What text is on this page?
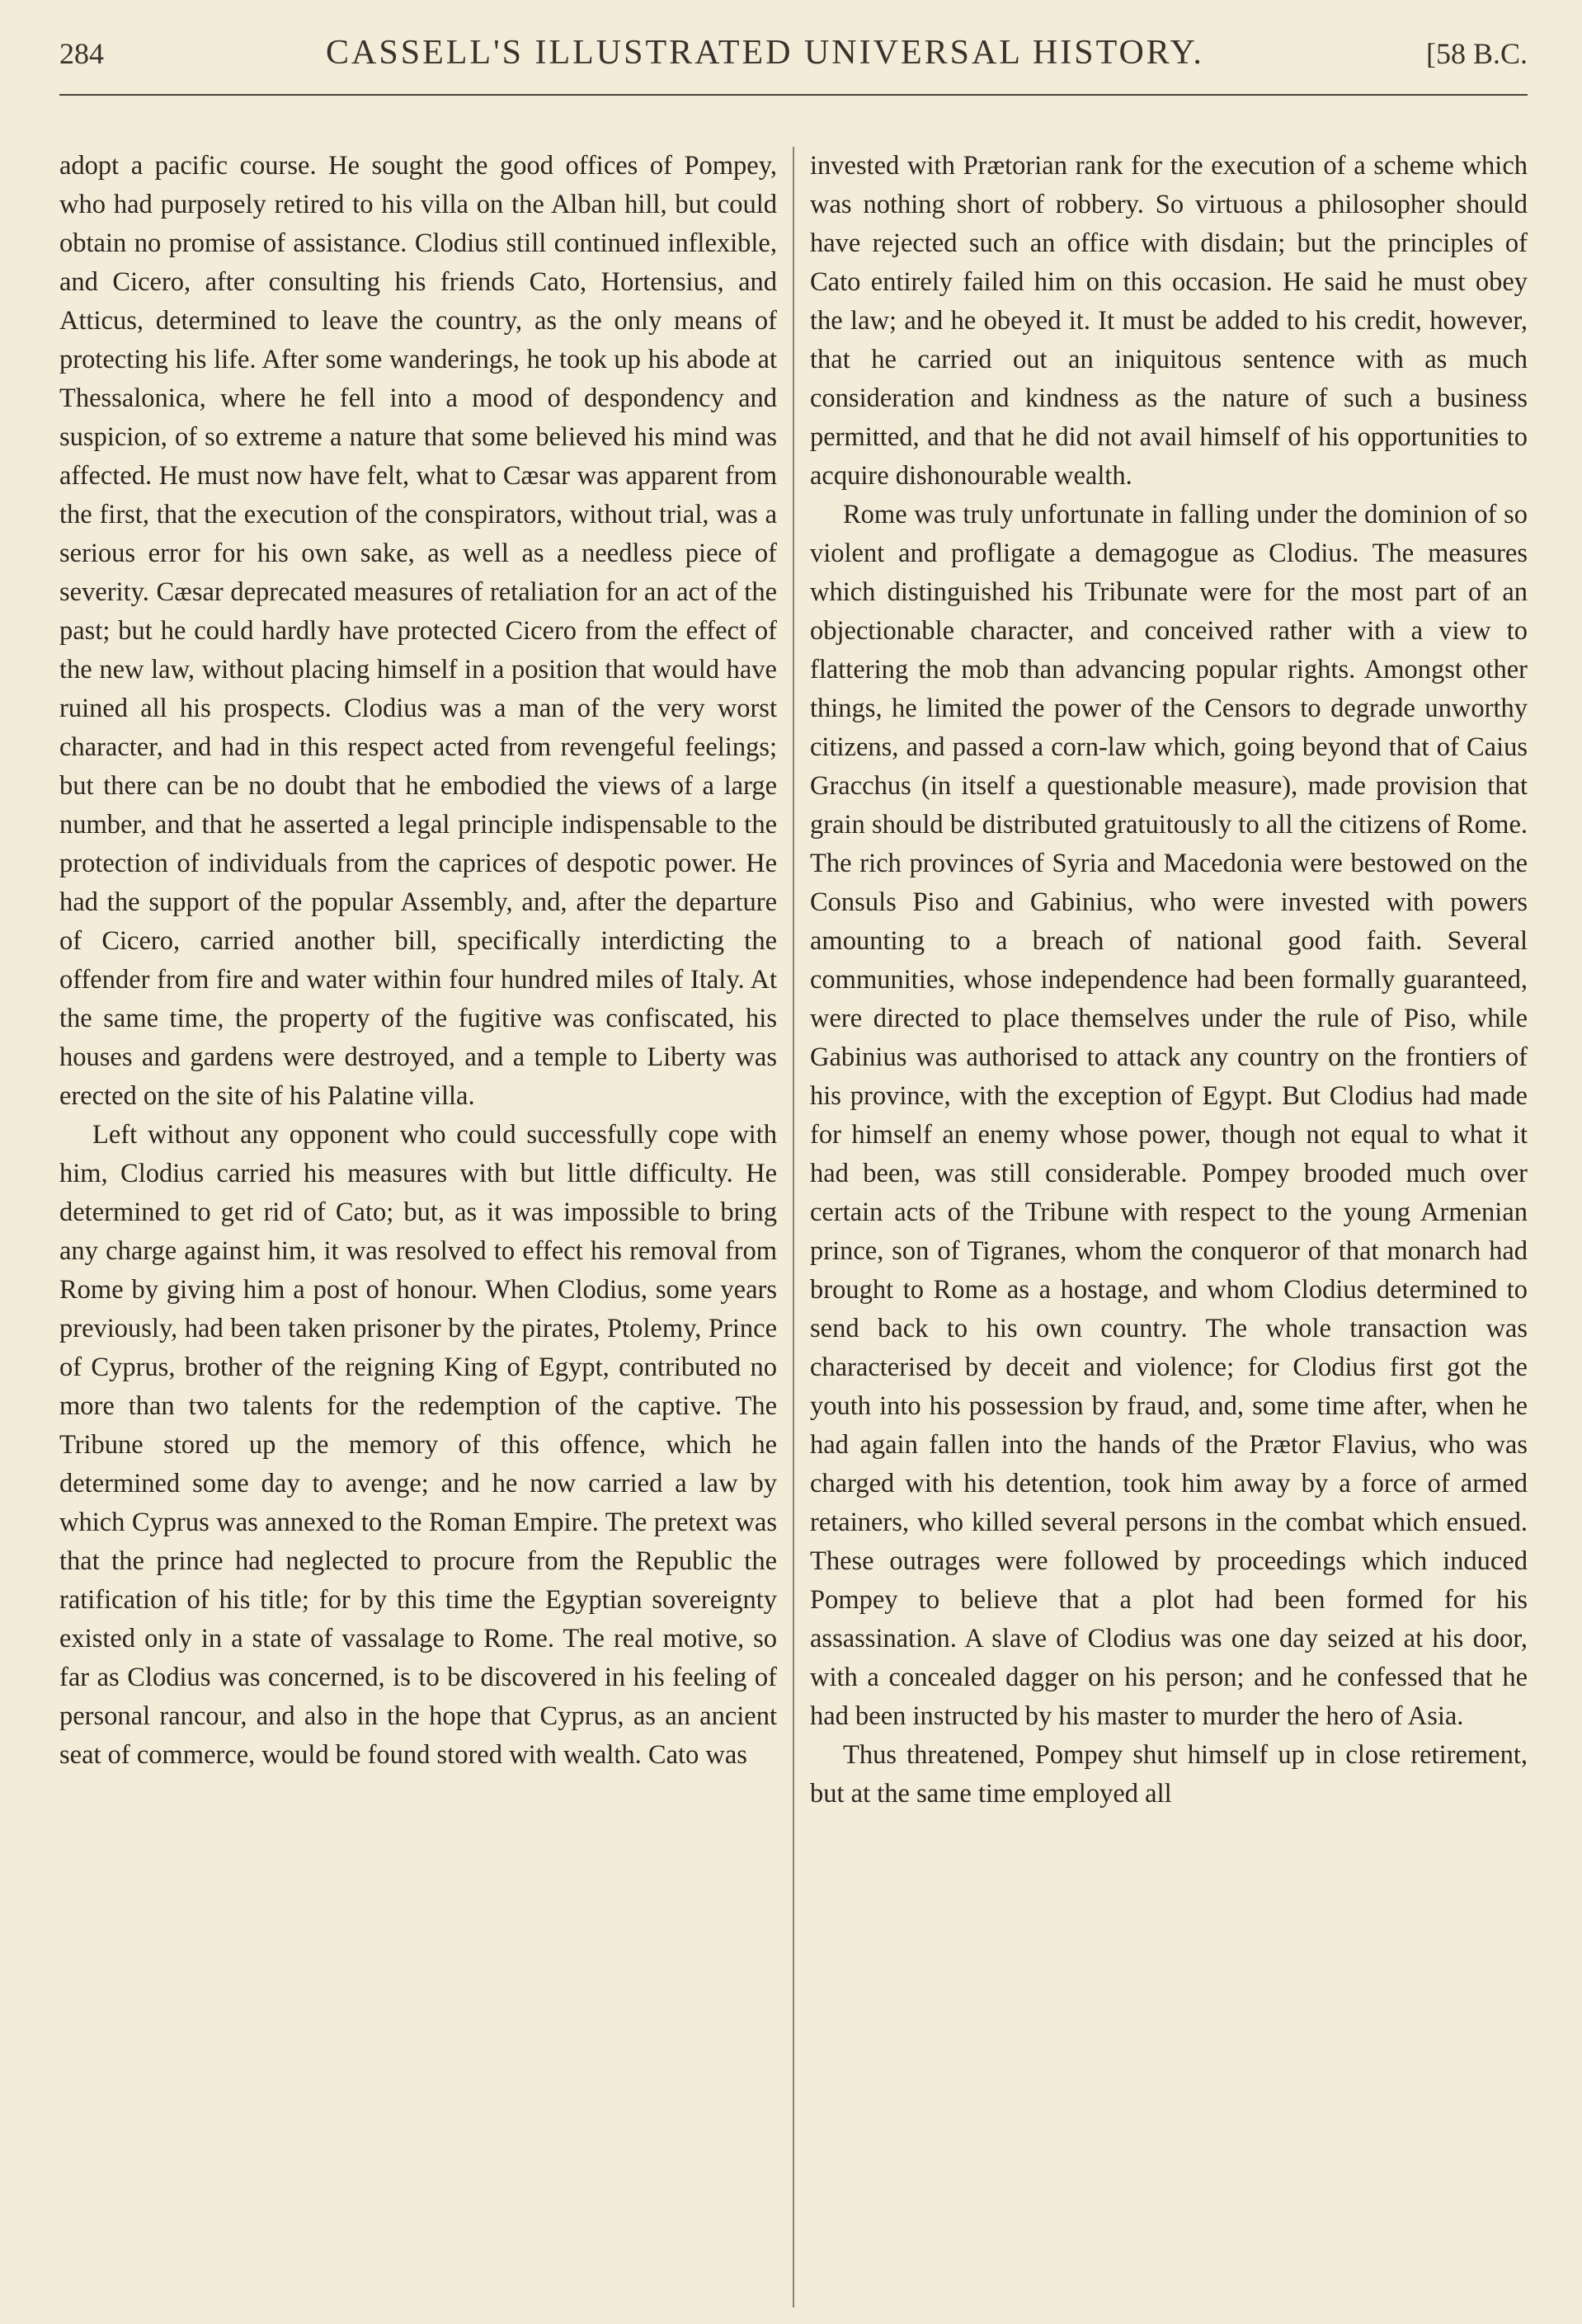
284	CASSELL'S ILLUSTRATED UNIVERSAL HISTORY.	[58 B.C.

adopt a pacific course. He sought the good offices of Pompey, who had purposely retired to his villa on the Alban hill, but could obtain no promise of assistance. Clodius still continued inflexible, and Cicero, after consulting his friends Cato, Hortensius, and Atticus, determined to leave the country, as the only means of protecting his life. After some wanderings, he took up his abode at Thessalonica, where he fell into a mood of despondency and suspicion, of so extreme a nature that some believed his mind was affected. He must now have felt, what to Cæsar was apparent from the first, that the execution of the conspirators, without trial, was a serious error for his own sake, as well as a needless piece of severity. Cæsar deprecated measures of retaliation for an act of the past; but he could hardly have protected Cicero from the effect of the new law, without placing himself in a position that would have ruined all his prospects. Clodius was a man of the very worst character, and had in this respect acted from revengeful feelings; but there can be no doubt that he embodied the views of a large number, and that he asserted a legal principle indispensable to the protection of individuals from the caprices of despotic power. He had the support of the popular Assembly, and, after the departure of Cicero, carried another bill, specifically interdicting the offender from fire and water within four hundred miles of Italy. At the same time, the property of the fugitive was confiscated, his houses and gardens were destroyed, and a temple to Liberty was erected on the site of his Palatine villa.

Left without any opponent who could successfully cope with him, Clodius carried his measures with but little difficulty. He determined to get rid of Cato; but, as it was impossible to bring any charge against him, it was resolved to effect his removal from Rome by giving him a post of honour. When Clodius, some years previously, had been taken prisoner by the pirates, Ptolemy, Prince of Cyprus, brother of the reigning King of Egypt, contributed no more than two talents for the redemption of the captive. The Tribune stored up the memory of this offence, which he determined some day to avenge; and he now carried a law by which Cyprus was annexed to the Roman Empire. The pretext was that the prince had neglected to procure from the Republic the ratification of his title; for by this time the Egyptian sovereignty existed only in a state of vassalage to Rome. The real motive, so far as Clodius was concerned, is to be discovered in his feeling of personal rancour, and also in the hope that Cyprus, as an ancient seat of commerce, would be found stored with wealth. Cato was

invested with Prætorian rank for the execution of a scheme which was nothing short of robbery. So virtuous a philosopher should have rejected such an office with disdain; but the principles of Cato entirely failed him on this occasion. He said he must obey the law; and he obeyed it. It must be added to his credit, however, that he carried out an iniquitous sentence with as much consideration and kindness as the nature of such a business permitted, and that he did not avail himself of his opportunities to acquire dishonourable wealth.

Rome was truly unfortunate in falling under the dominion of so violent and profligate a demagogue as Clodius. The measures which distinguished his Tribunate were for the most part of an objectionable character, and conceived rather with a view to flattering the mob than advancing popular rights. Amongst other things, he limited the power of the Censors to degrade unworthy citizens, and passed a corn-law which, going beyond that of Caius Gracchus (in itself a questionable measure), made provision that grain should be distributed gratuitously to all the citizens of Rome. The rich provinces of Syria and Macedonia were bestowed on the Consuls Piso and Gabinius, who were invested with powers amounting to a breach of national good faith. Several communities, whose independence had been formally guaranteed, were directed to place themselves under the rule of Piso, while Gabinius was authorised to attack any country on the frontiers of his province, with the exception of Egypt. But Clodius had made for himself an enemy whose power, though not equal to what it had been, was still considerable. Pompey brooded much over certain acts of the Tribune with respect to the young Armenian prince, son of Tigranes, whom the conqueror of that monarch had brought to Rome as a hostage, and whom Clodius determined to send back to his own country. The whole transaction was characterised by deceit and violence; for Clodius first got the youth into his possession by fraud, and, some time after, when he had again fallen into the hands of the Prætor Flavius, who was charged with his detention, took him away by a force of armed retainers, who killed several persons in the combat which ensued. These outrages were followed by proceedings which induced Pompey to believe that a plot had been formed for his assassination. A slave of Clodius was one day seized at his door, with a concealed dagger on his person; and he confessed that he had been instructed by his master to murder the hero of Asia.

Thus threatened, Pompey shut himself up in close retirement, but at the same time employed all
